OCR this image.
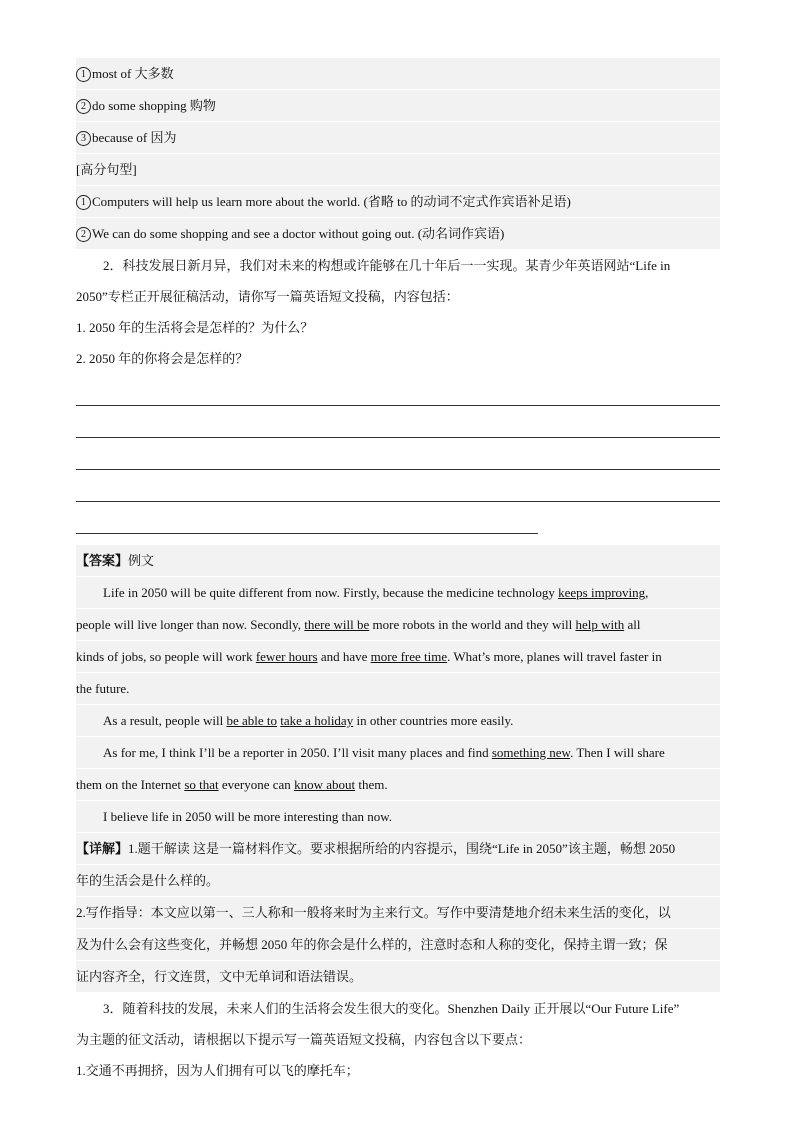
1 most of 大多数
2 do some shopping 购物
3 because of 因为
[高分句型]
1 Computers will help us learn more about the world. (省略 to 的动词不定式作宾语补足语)
2 We can do some shopping and see a doctor without going out. (动名词作宾语)
2．科技发展日新月异，我们对未来的构想或许能够在几十年后一一实现。某青少年英语网站“Life in
2050”专栏正开展征稿活动，请你写一篇英语短文投稿，内容包括：
1. 2050 年的生活将会是怎样的？为什么？
2. 2050 年的你将会是怎样的？
【答案】例文
Life in 2050 will be quite different from now. Firstly, because the medicine technology keeps improving,
people will live longer than now. Secondly, there will be more robots in the world and they will help with all
kinds of jobs, so people will work fewer hours and have more free time. What’s more, planes will travel faster in
the future.
As a result, people will be able to take a holiday in other countries more easily.
As for me, I think I’ll be a reporter in 2050. I’ll visit many places and find something new. Then I will share
them on the Internet so that everyone can know about them.
I believe life in 2050 will be more interesting than now.
【详解】1.题干解读 这是一篇材料作文。要求根据所给的内容提示，围绕“Life in 2050”该主题，畅想 2050
年的生活会是什么样的。
2.写作指导：本文应以第一、三人称和一般将来时为主来行文。写作中要清楚地介绍未来生活的变化，以
及为什么会有这些变化，并畅想 2050 年的你会是什么样的，注意时态和人称的变化，保持主谓一致；保
证内容齐全，行文连贯，文中无单词和语法错误。
3．随着科技的发展，未来人们的生活将会发生很大的变化。Shenzhen Daily 正开展以“Our Future Life”
为主题的征文活动，请根据以下提示写一篇英语短文投稿，内容包含以下要点：
1.交通不再拥挤，因为人们拥有可以飞的摩托车；
